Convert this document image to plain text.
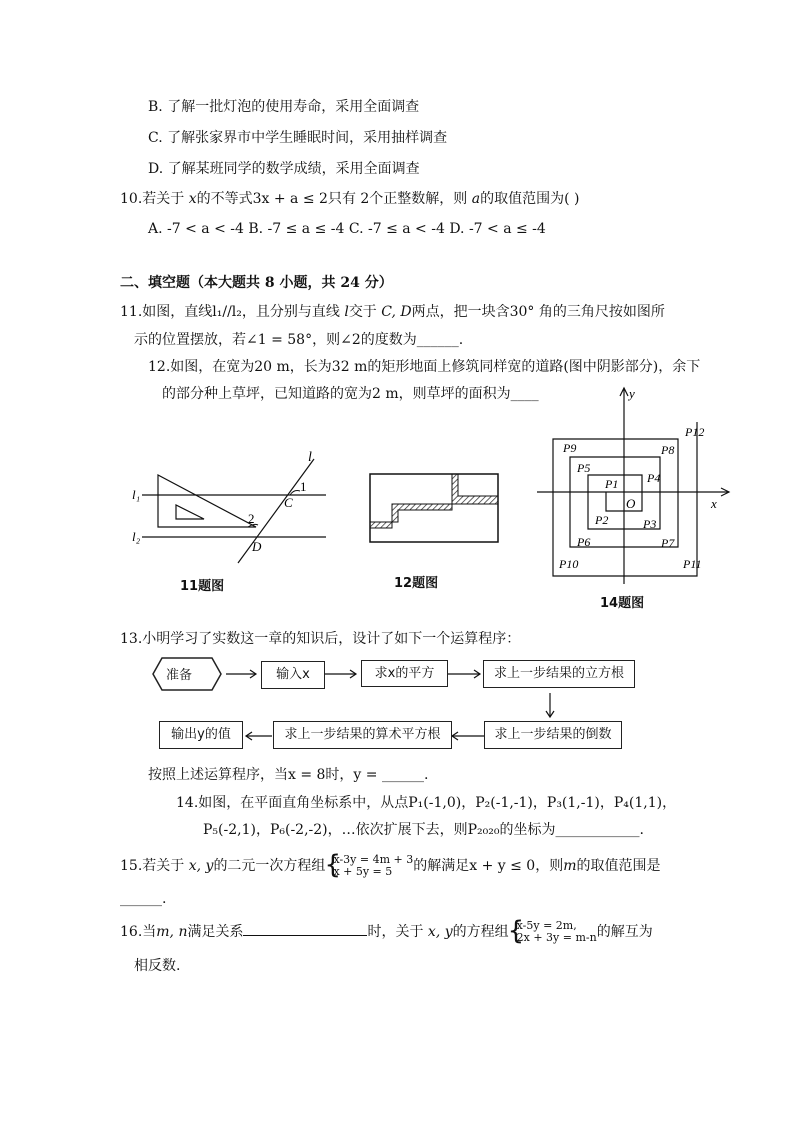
B. 了解一批灯泡的使用寿命，采用全面调查
C. 了解张家界市中学生睡眠时间，采用抽样调查
D. 了解某班同学的数学成绩，采用全面调查
10.若关于 x的不等式3x + a ≤ 2只有 2个正整数解，则 a的取值范围为( )
A. -7 < a < -4 B. -7 ≤ a ≤ -4 C. -7 ≤ a < -4 D. -7 < a ≤ -4
二、填空题（本大题共 8 小题，共 24 分）
11.如图，直线l₁//l₂，且分别与直线 l交于 C, D两点，把一块含30° 角的三角尺按如图所
示的位置摆放，若∠1 = 58°，则∠2的度数为______.
12.如图，在宽为20 m，长为32 m的矩形地面上修筑同样宽的道路(图中阴影部分)，余下
的部分种上草坪，已知道路的宽为2 m，则草坪的面积为____
l
l₁
l₂
1
2
C
D
11题图	12题图
x
y
O
P1
P2	P3
P4
P5
P6	P7
P8
P9
P10	P11
P12
14题图
13.小明学习了实数这一章的知识后，设计了如下一个运算程序：
准备	输入x	求x的平方	求上一步结果的立方根
求上一步结果的倒数
求上一步结果的算术平方根
输出y的值
按照上述运算程序，当x = 8时，y = ______.
14.如图，在平面直角坐标系中，从点P₁(-1,0)，P₂(-1,-1)，P₃(1,-1)，P₄(1,1)，
P₅(-2,1)，P₆(-2,-2)，…依次扩展下去，则P₂₀₂₀的坐标为____________.
15.若关于 x, y的二元一次方程组 { x-3y = 4m + 3
x + 5y = 5	的解满足x + y ≤ 0，则m的取值范围是
______.
16.当m, n满足关系	时，关于 x, y的方程组 { x-5y = 2m,
2x + 3y = m-n 的解互为
相反数.
